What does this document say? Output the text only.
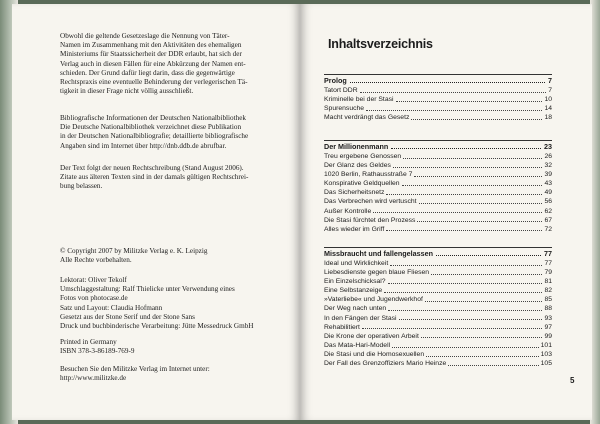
Obwohl die geltende Gesetzeslage die Nennung von Täter-
Namen im Zusammenhang mit den Aktivitäten des ehemaligen
Ministeriums für Staatssicherheit der DDR erlaubt, hat sich der
Verlag auch in diesen Fällen für eine Abkürzung der Namen ent-
schieden. Der Grund dafür liegt darin, dass die gegenwärtige
Rechtspraxis eine eventuelle Behinderung der verlegerischen Tä-
tigkeit in dieser Frage nicht völlig ausschließt.

Bibliografische Informationen der Deutschen Nationalbibliothek
Die Deutsche Nationalbibliothek verzeichnet diese Publikation
in der Deutschen Nationalbibliografie; detaillierte bibliografische
Angaben sind im Internet über http://dnb.ddb.de abrufbar.

Der Text folgt der neuen Rechtschreibung (Stand August 2006).
Zitate aus älteren Texten sind in der damals gültigen Rechtschrei-
bung belassen.

© Copyright 2007 by Militzke Verlag e. K. Leipzig
Alle Rechte vorbehalten.

Lektorat: Oliver Tekolf
Umschlaggestaltung: Ralf Thielicke unter Verwendung eines
Fotos von photocase.de
Satz und Layout: Claudia Hofmann
Gesetzt aus der Stone Serif und der Stone Sans
Druck und buchbinderische Verarbeitung: Jütte Messedruck GmbH

Printed in Germany
ISBN 378-3-86189-769-9

Besuchen Sie den Militzke Verlag im Internet unter:
http://www.militzke.de

Inhaltsverzeichnis
Prolog	7
Tatort DDR	7
Kriminelle bei der Stasi	10
Spurensuche	14
Macht verdrängt das Gesetz	18
Der Millionenmann	23
Treu ergebene Genossen	26
Der Glanz des Geldes	32
1020 Berlin, Rathausstraße 7	39
Konspirative Geldquellen	43
Das Sicherheitsnetz	49
Das Verbrechen wird vertuscht	56
Außer Kontrolle	62
Die Stasi fürchtet den Prozess	67
Alles wieder im Griff	72
Missbraucht und fallengelassen	77
Ideal und Wirklichkeit	77
Liebesdienste gegen blaue Fliesen	79
Ein Einzelschicksal?	81
Eine Selbstanzeige	82
»Vaterliebe« und Jugendwerkhof	85
Der Weg nach unten	88
In den Fängen der Stasi	93
Rehabilitiert	97
Die Krone der operativen Arbeit	99
Das Mata-Hari-Modell	101
Die Stasi und die Homosexuellen	103
Der Fall des Grenzoffiziers Mario Heinze	105
5
